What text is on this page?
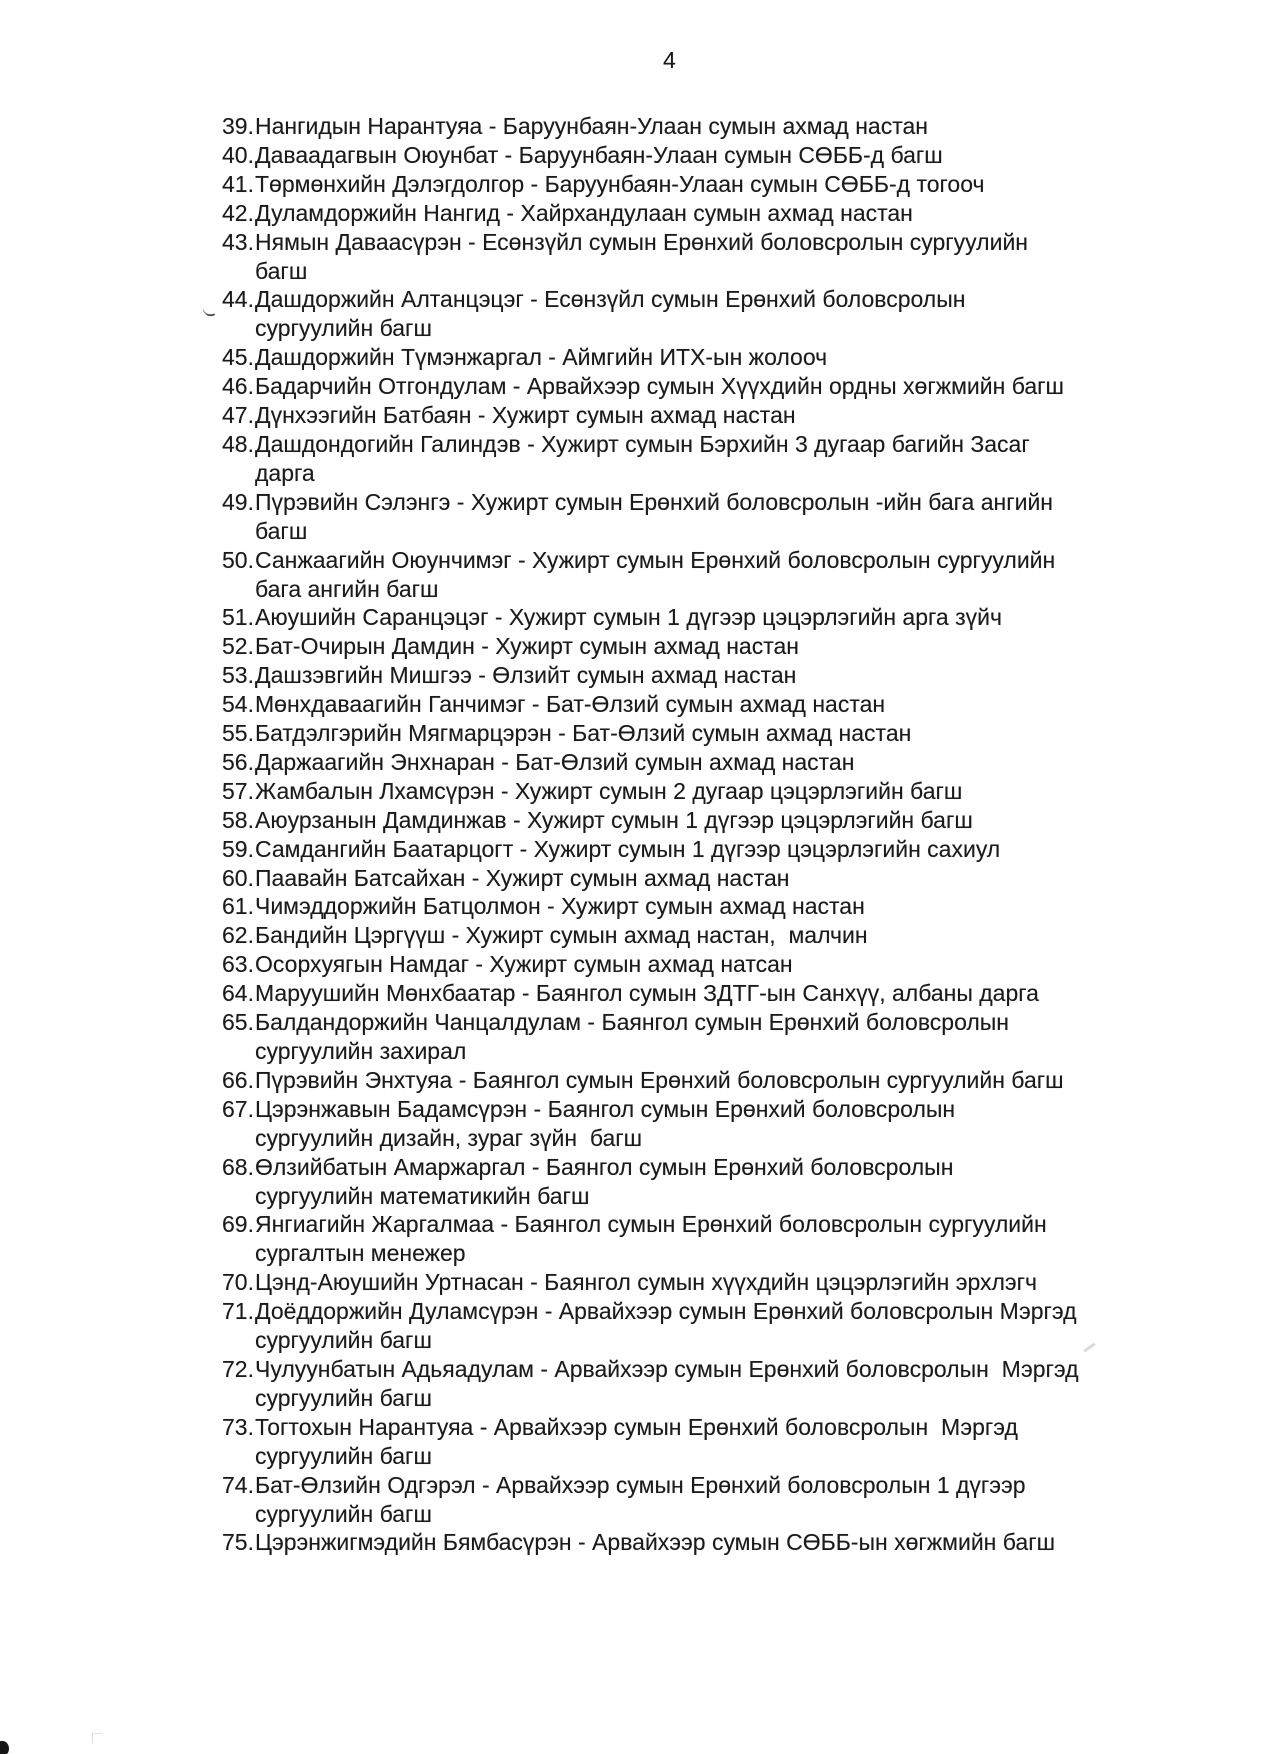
4
39. Нангидын Нарантуяа - Баруунбаян-Улаан сумын ахмад настан
40. Даваадагвын Оюунбат - Баруунбаян-Улаан сумын СӨББ-д багш
41. Төрмөнхийн Дэлэгдолгор - Баруунбаян-Улаан сумын СӨББ-д тогооч
42. Дуламдоржийн Нангид - Хайрхандулаан сумын ахмад настан
43. Нямын Даваасүрэн - Есөнзүйл сумын Ерөнхий боловсролын сургуулийн
багш
44. Дашдоржийн Алтанцэцэг - Есөнзүйл сумын Ерөнхий боловсролын
сургуулийн багш
45. Дашдоржийн Түмэнжаргал - Аймгийн ИТХ-ын жолооч
46. Бадарчийн Отгондулам - Арвайхээр сумын Хүүхдийн ордны хөгжмийн багш
47. Дүнхээгийн Батбаян - Хужирт сумын ахмад настан
48. Дашдондогийн Галиндэв - Хужирт сумын Бэрхийн 3 дугаар багийн Засаг
дарга
49. Пүрэвийн Сэлэнгэ - Хужирт сумын Ерөнхий боловсролын -ийн бага ангийн
багш
50. Санжаагийн Оюунчимэг - Хужирт сумын Ерөнхий боловсролын сургуулийн
бага ангийн багш
51. Аюушийн Саранцэцэг - Хужирт сумын 1 дүгээр цэцэрлэгийн арга зүйч
52. Бат-Очирын Дамдин - Хужирт сумын ахмад настан
53. Дашзэвгийн Мишгээ - Өлзийт сумын ахмад настан
54. Мөнхдаваагийн Ганчимэг - Бат-Өлзий сумын ахмад настан
55. Батдэлгэрийн Мягмарцэрэн - Бат-Өлзий сумын ахмад настан
56. Даржаагийн Энхнаран - Бат-Өлзий сумын ахмад настан
57. Жамбалын Лхамсүрэн - Хужирт сумын 2 дугаар цэцэрлэгийн багш
58. Аюурзанын Дамдинжав - Хужирт сумын 1 дүгээр цэцэрлэгийн багш
59. Самдангийн Баатарцогт - Хужирт сумын 1 дүгээр цэцэрлэгийн сахиул
60. Паавайн Батсайхан - Хужирт сумын ахмад настан
61. Чимэддоржийн Батцолмон - Хужирт сумын ахмад настан
62. Бандийн Цэргүүш - Хужирт сумын ахмад настан,  малчин
63. Осорхуягын Намдаг - Хужирт сумын ахмад натсан
64. Маруушийн Мөнхбаатар - Баянгол сумын ЗДТГ-ын Санхүү, албаны дарга
65. Балдандоржийн Чанцалдулам - Баянгол сумын Ерөнхий боловсролын
сургуулийн захирал
66. Пүрэвийн Энхтуяа - Баянгол сумын Ерөнхий боловсролын сургуулийн багш
67. Цэрэнжавын Бадамсүрэн - Баянгол сумын Ерөнхий боловсролын
сургуулийн дизайн, зураг зүйн  багш
68. Өлзийбатын Амаржаргал - Баянгол сумын Ерөнхий боловсролын
сургуулийн математикийн багш
69. Янгиагийн Жаргалмаа - Баянгол сумын Ерөнхий боловсролын сургуулийн
сургалтын менежер
70. Цэнд-Аюушийн Уртнасан - Баянгол сумын хүүхдийн цэцэрлэгийн эрхлэгч
71. Доёддоржийн Дуламсүрэн - Арвайхээр сумын Ерөнхий боловсролын Мэргэд
сургуулийн багш
72. Чулуунбатын Адьяадулам - Арвайхээр сумын Ерөнхий боловсролын  Мэргэд
сургуулийн багш
73. Тогтохын Нарантуяа - Арвайхээр сумын Ерөнхий боловсролын  Мэргэд
сургуулийн багш
74. Бат-Өлзийн Одгэрэл - Арвайхээр сумын Ерөнхий боловсролын 1 дүгээр
сургуулийн багш
75. Цэрэнжигмэдийн Бямбасүрэн - Арвайхээр сумын СӨББ-ын хөгжмийн багш
